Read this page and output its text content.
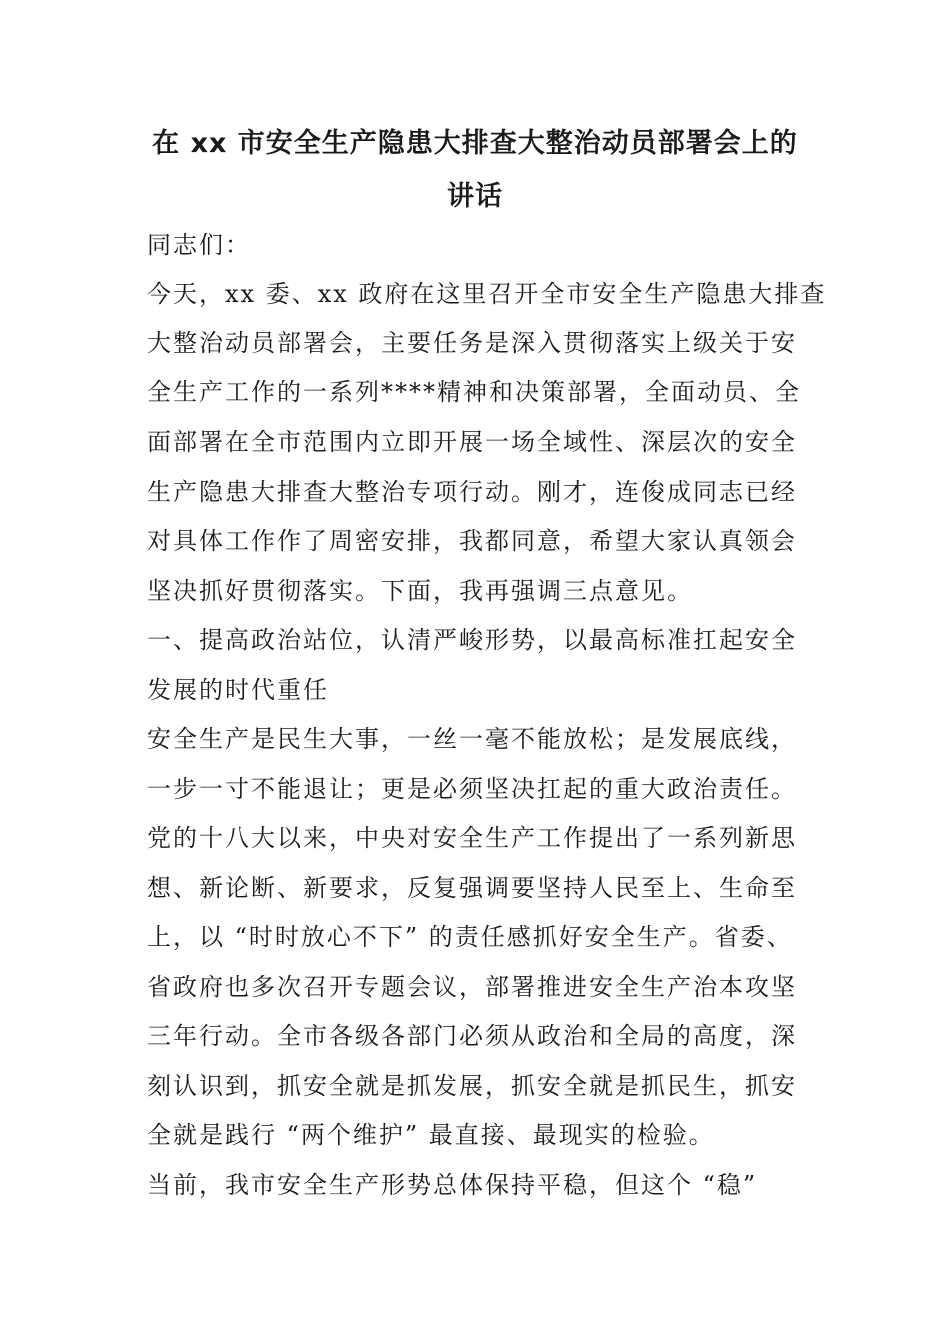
在 xx 市安全生产隐患大排查大整治动员部署会上的
讲话
同志们：
今天，xx 委、xx 政府在这里召开全市安全生产隐患大排查
大整治动员部署会，主要任务是深入贯彻落实上级关于安
全生产工作的一系列****精神和决策部署，全面动员、全
面部署在全市范围内立即开展一场全域性、深层次的安全
生产隐患大排查大整治专项行动。刚才，连俊成同志已经
对具体工作作了周密安排，我都同意，希望大家认真领会
坚决抓好贯彻落实。下面，我再强调三点意见。
一、提高政治站位，认清严峻形势，以最高标准扛起安全
发展的时代重任
安全生产是民生大事，一丝一毫不能放松；是发展底线，
一步一寸不能退让；更是必须坚决扛起的重大政治责任。
党的十八大以来，中央对安全生产工作提出了一系列新思
想、新论断、新要求，反复强调要坚持人民至上、生命至
上，以 “时时放心不下” 的责任感抓好安全生产。省委、
省政府也多次召开专题会议，部署推进安全生产治本攻坚
三年行动。全市各级各部门必须从政治和全局的高度，深
刻认识到，抓安全就是抓发展，抓安全就是抓民生，抓安
全就是践行 “两个维护” 最直接、最现实的检验。
当前，我市安全生产形势总体保持平稳，但这个 “稳”
